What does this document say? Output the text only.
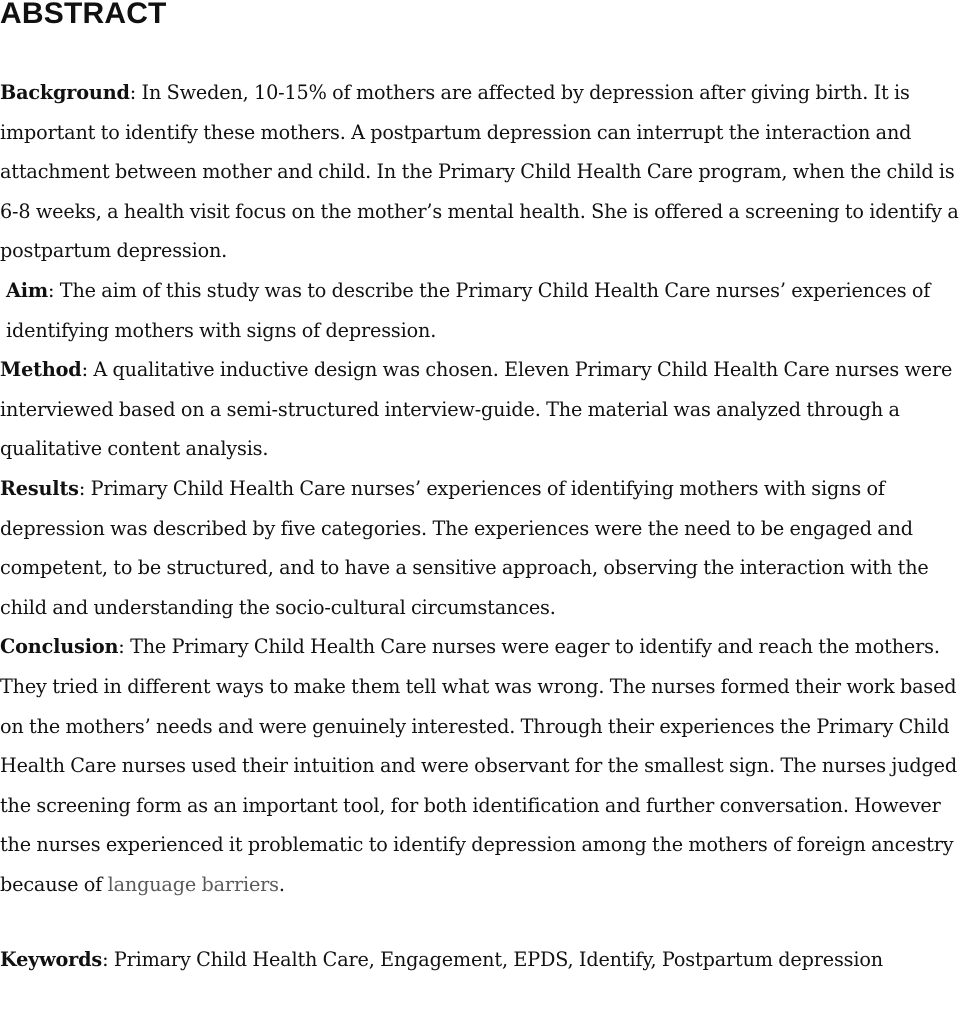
ABSTRACT

Background: In Sweden, 10-15% of mothers are affected by depression after giving birth. It is important to identify these mothers. A postpartum depression can interrupt the interaction and attachment between mother and child. In the Primary Child Health Care program, when the child is 6-8 weeks, a health visit focus on the mother’s mental health. She is offered a screening to identify a postpartum depression.

Aim: The aim of this study was to describe the Primary Child Health Care nurses’ experiences of identifying mothers with signs of depression.

Method: A qualitative inductive design was chosen. Eleven Primary Child Health Care nurses were interviewed based on a semi-structured interview-guide. The material was analyzed through a qualitative content analysis.

Results: Primary Child Health Care nurses’ experiences of identifying mothers with signs of depression was described by five categories. The experiences were the need to be engaged and competent, to be structured, and to have a sensitive approach, observing the interaction with the child and understanding the socio-cultural circumstances.

Conclusion: The Primary Child Health Care nurses were eager to identify and reach the mothers. They tried in different ways to make them tell what was wrong. The nurses formed their work based on the mothers’ needs and were genuinely interested. Through their experiences the Primary Child Health Care nurses used their intuition and were observant for the smallest sign. The nurses judged the screening form as an important tool, for both identification and further conversation. However the nurses experienced it problematic to identify depression among the mothers of foreign ancestry because of language barriers.

Keywords: Primary Child Health Care, Engagement, EPDS, Identify, Postpartum depression
